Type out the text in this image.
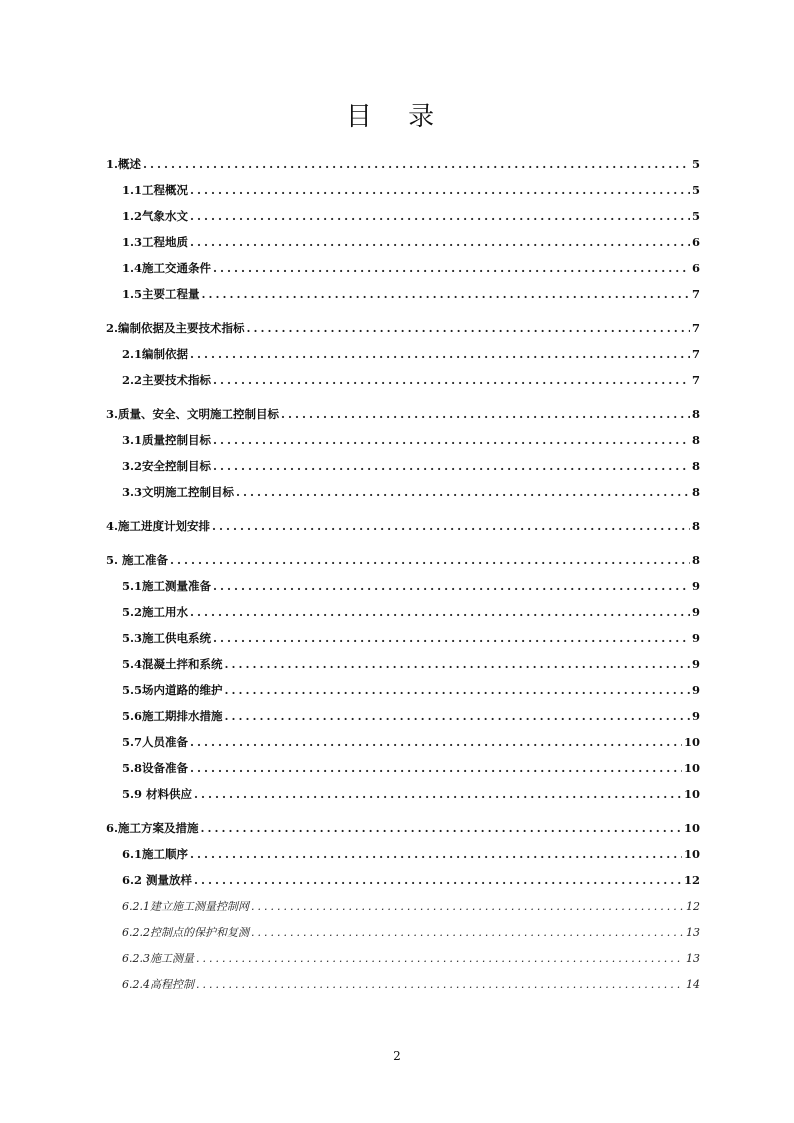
目 录
1.概述 .....	5
1.1工程概况 .....	5
1.2气象水文 .....	5
1.3工程地质 .....	6
1.4施工交通条件 .....	6
1.5主要工程量 .....	7
2.编制依据及主要技术指标 .....	7
2.1编制依据 .....	7
2.2主要技术指标 .....	7
3.质量、安全、文明施工控制目标 .....	8
3.1质量控制目标 .....	8
3.2安全控制目标 .....	8
3.3文明施工控制目标 .....	8
4.施工进度计划安排 .....	8
5. 施工准备 .....	8
5.1施工测量准备 .....	9
5.2施工用水 .....	9
5.3施工供电系统 .....	9
5.4混凝土拌和系统 .....	9
5.5场内道路的维护 .....	9
5.6施工期排水措施 .....	9
5.7人员准备 .....	10
5.8设备准备 .....	10
5.9 材料供应 .....	10
6.施工方案及措施 .....	10
6.1施工顺序 .....	10
6.2 测量放样 .....	12
6.2.1建立施工测量控制网 .....	12
6.2.2控制点的保护和复测 .....	13
6.2.3施工测量 .....	13
6.2.4高程控制 .....	14
2
